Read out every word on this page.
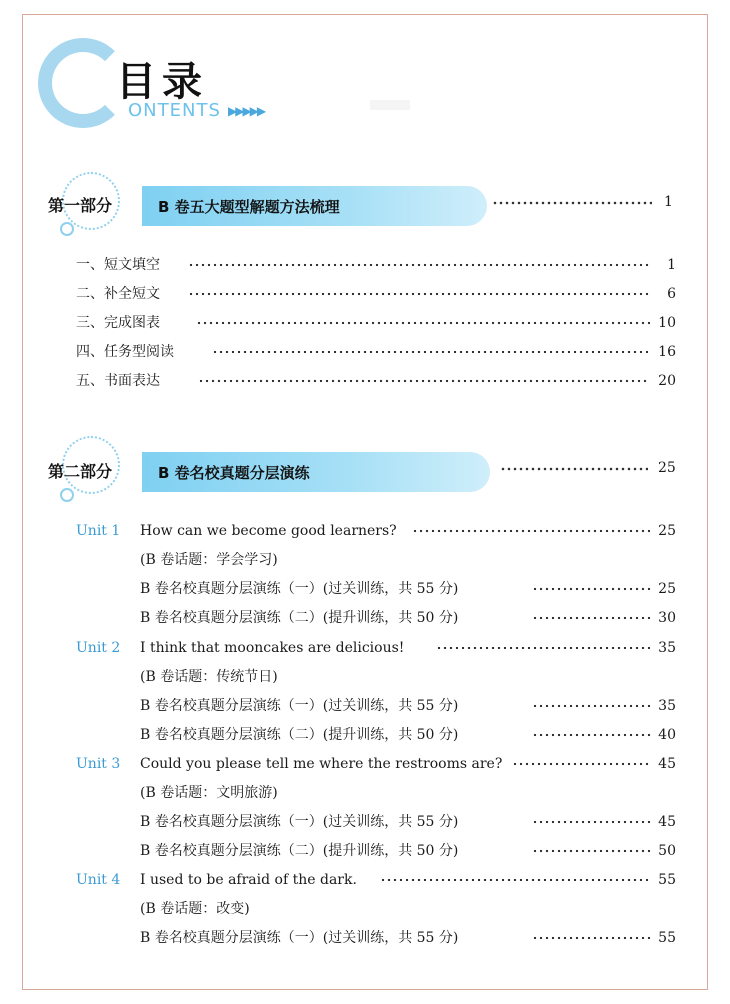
目录
ONTENTS ▶▶▶▶▶
第一部分	B 卷五大题型解题方法梳理	1
一、短文填空	1
二、补全短文	6
三、完成图表	10
四、任务型阅读	16
五、书面表达	20
第二部分	B 卷名校真题分层演练	25
Unit 1 How can we become good learners?	25
(B 卷话题：学会学习)
B 卷名校真题分层演练（一）(过关训练，共 55 分)	25
B 卷名校真题分层演练（二）(提升训练，共 50 分)	30
Unit 2 I think that mooncakes are delicious!	35
(B 卷话题：传统节日)
B 卷名校真题分层演练（一）(过关训练，共 55 分)	35
B 卷名校真题分层演练（二）(提升训练，共 50 分)	40
Unit 3 Could you please tell me where the restrooms are?	45
(B 卷话题：文明旅游)
B 卷名校真题分层演练（一）(过关训练，共 55 分)	45
B 卷名校真题分层演练（二）(提升训练，共 50 分)	50
Unit 4 I used to be afraid of the dark.	55
(B 卷话题：改变)
B 卷名校真题分层演练（一）(过关训练，共 55 分)	55
